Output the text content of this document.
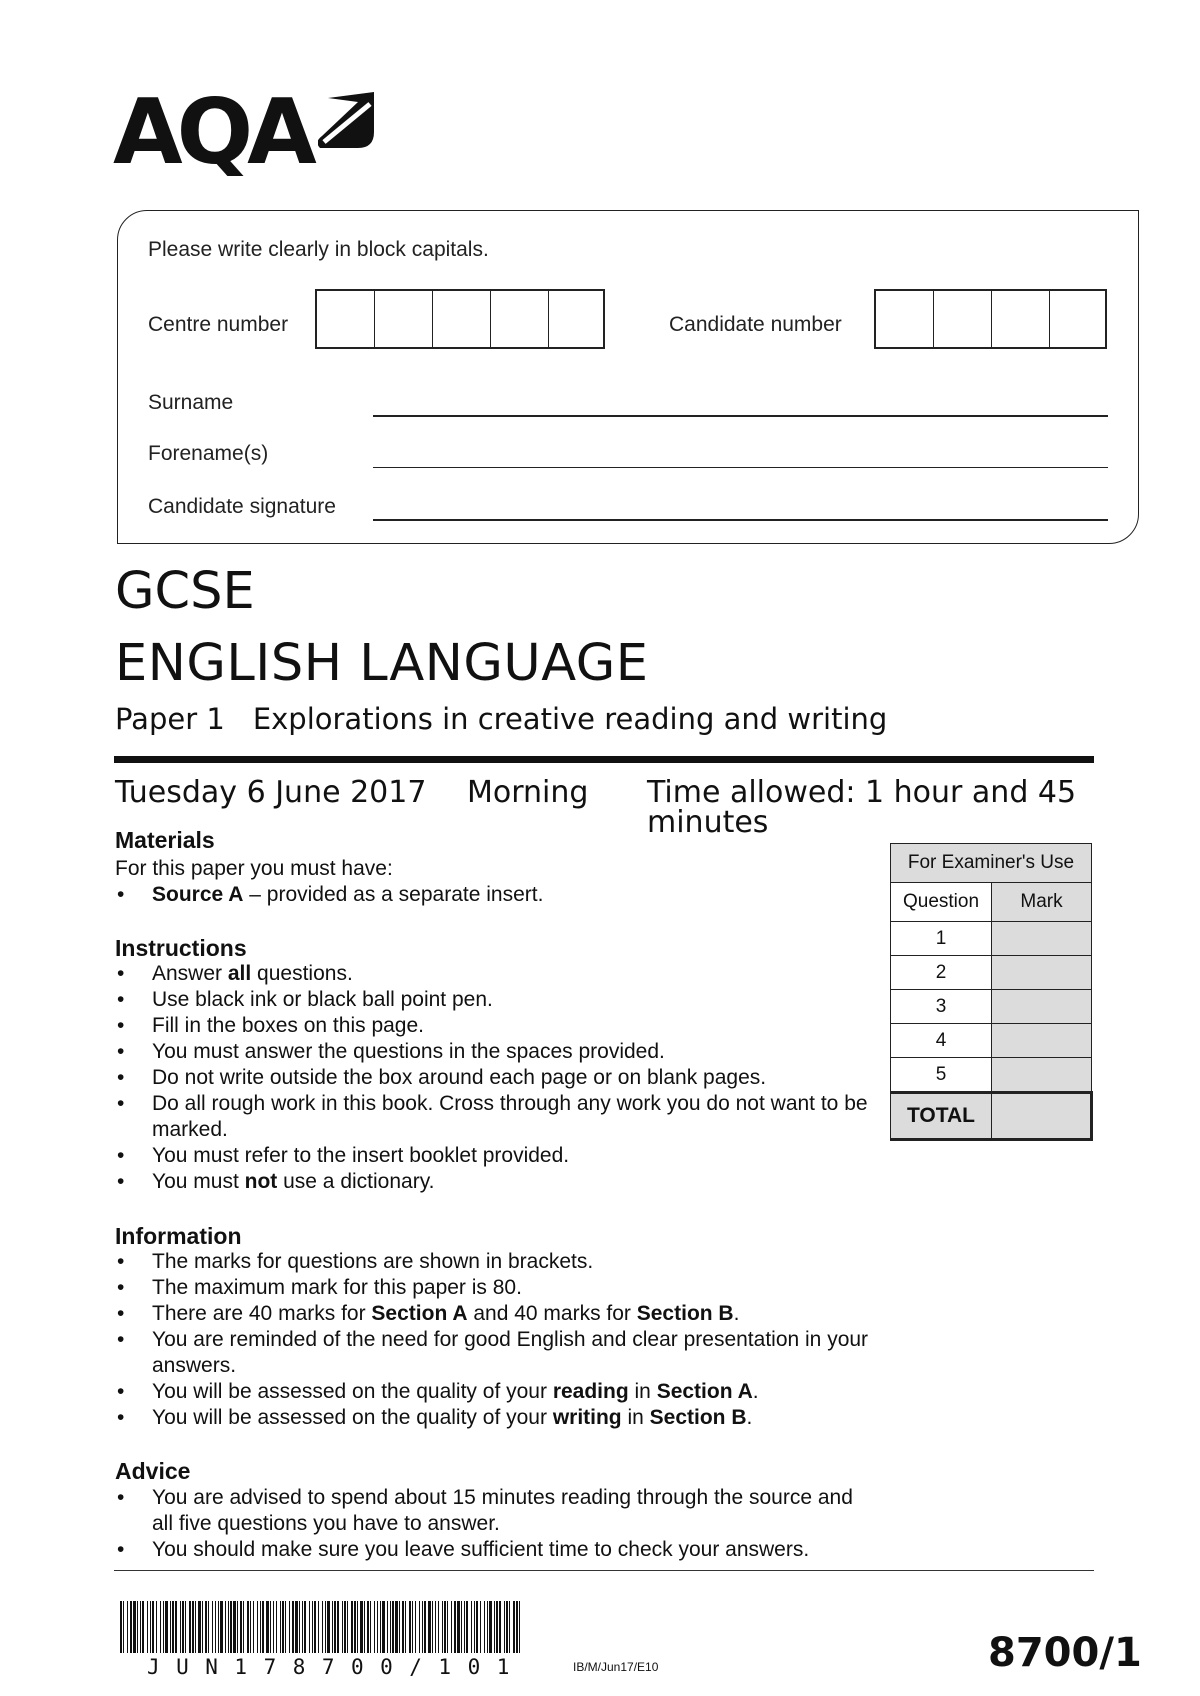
AQA
Please write clearly in block capitals.
Centre number	Candidate number
Surname
Forename(s)
Candidate signature
GCSE
ENGLISH LANGUAGE
Paper 1 Explorations in creative reading and writing
Tuesday 6 June 2017 Morning Time allowed: 1 hour and 45 minutes
Materials
For this paper you must have:
• Source A – provided as a separate insert.
Instructions
• Answer all questions.
• Use black ink or black ball point pen.
• Fill in the boxes on this page.
• You must answer the questions in the spaces provided.
• Do not write outside the box around each page or on blank pages.
• Do all rough work in this book. Cross through any work you do not want to be marked.
• You must refer to the insert booklet provided.
• You must not use a dictionary.
Information
• The marks for questions are shown in brackets.
• The maximum mark for this paper is 80.
• There are 40 marks for Section A and 40 marks for Section B.
• You are reminded of the need for good English and clear presentation in your answers.
• You will be assessed on the quality of your reading in Section A.
• You will be assessed on the quality of your writing in Section B.
Advice
• You are advised to spend about 15 minutes reading through the source and all five questions you have to answer.
• You should make sure you leave sufficient time to check your answers.
For Examiner's Use	
Question	Mark
1	
2	
3	
4	
5	
TOTAL	
JUN178700/101	IB/M/Jun17/E10	8700/1
